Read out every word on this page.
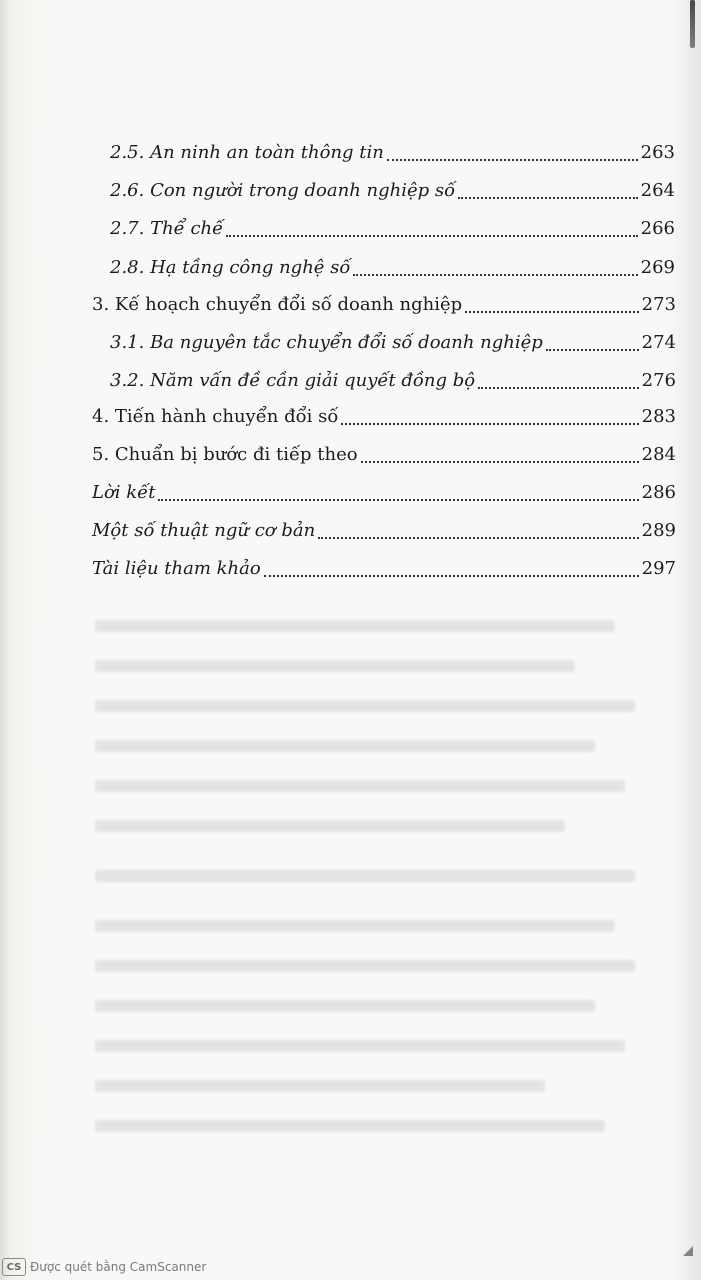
2.5. An ninh an toàn thông tin	263
2.6. Con người trong doanh nghiệp số	264
2.7. Thể chế	266
2.8. Hạ tầng công nghệ số	269
3. Kế hoạch chuyển đổi số doanh nghiệp	273
3.1. Ba nguyên tắc chuyển đổi số doanh nghiệp	274
3.2. Năm vấn đề cần giải quyết đồng bộ	276
4. Tiến hành chuyển đổi số	283
5. Chuẩn bị bước đi tiếp theo	284
Lời kết	286
Một số thuật ngữ cơ bản	289
Tài liệu tham khảo	297
CS Được quét bằng CamScanner
